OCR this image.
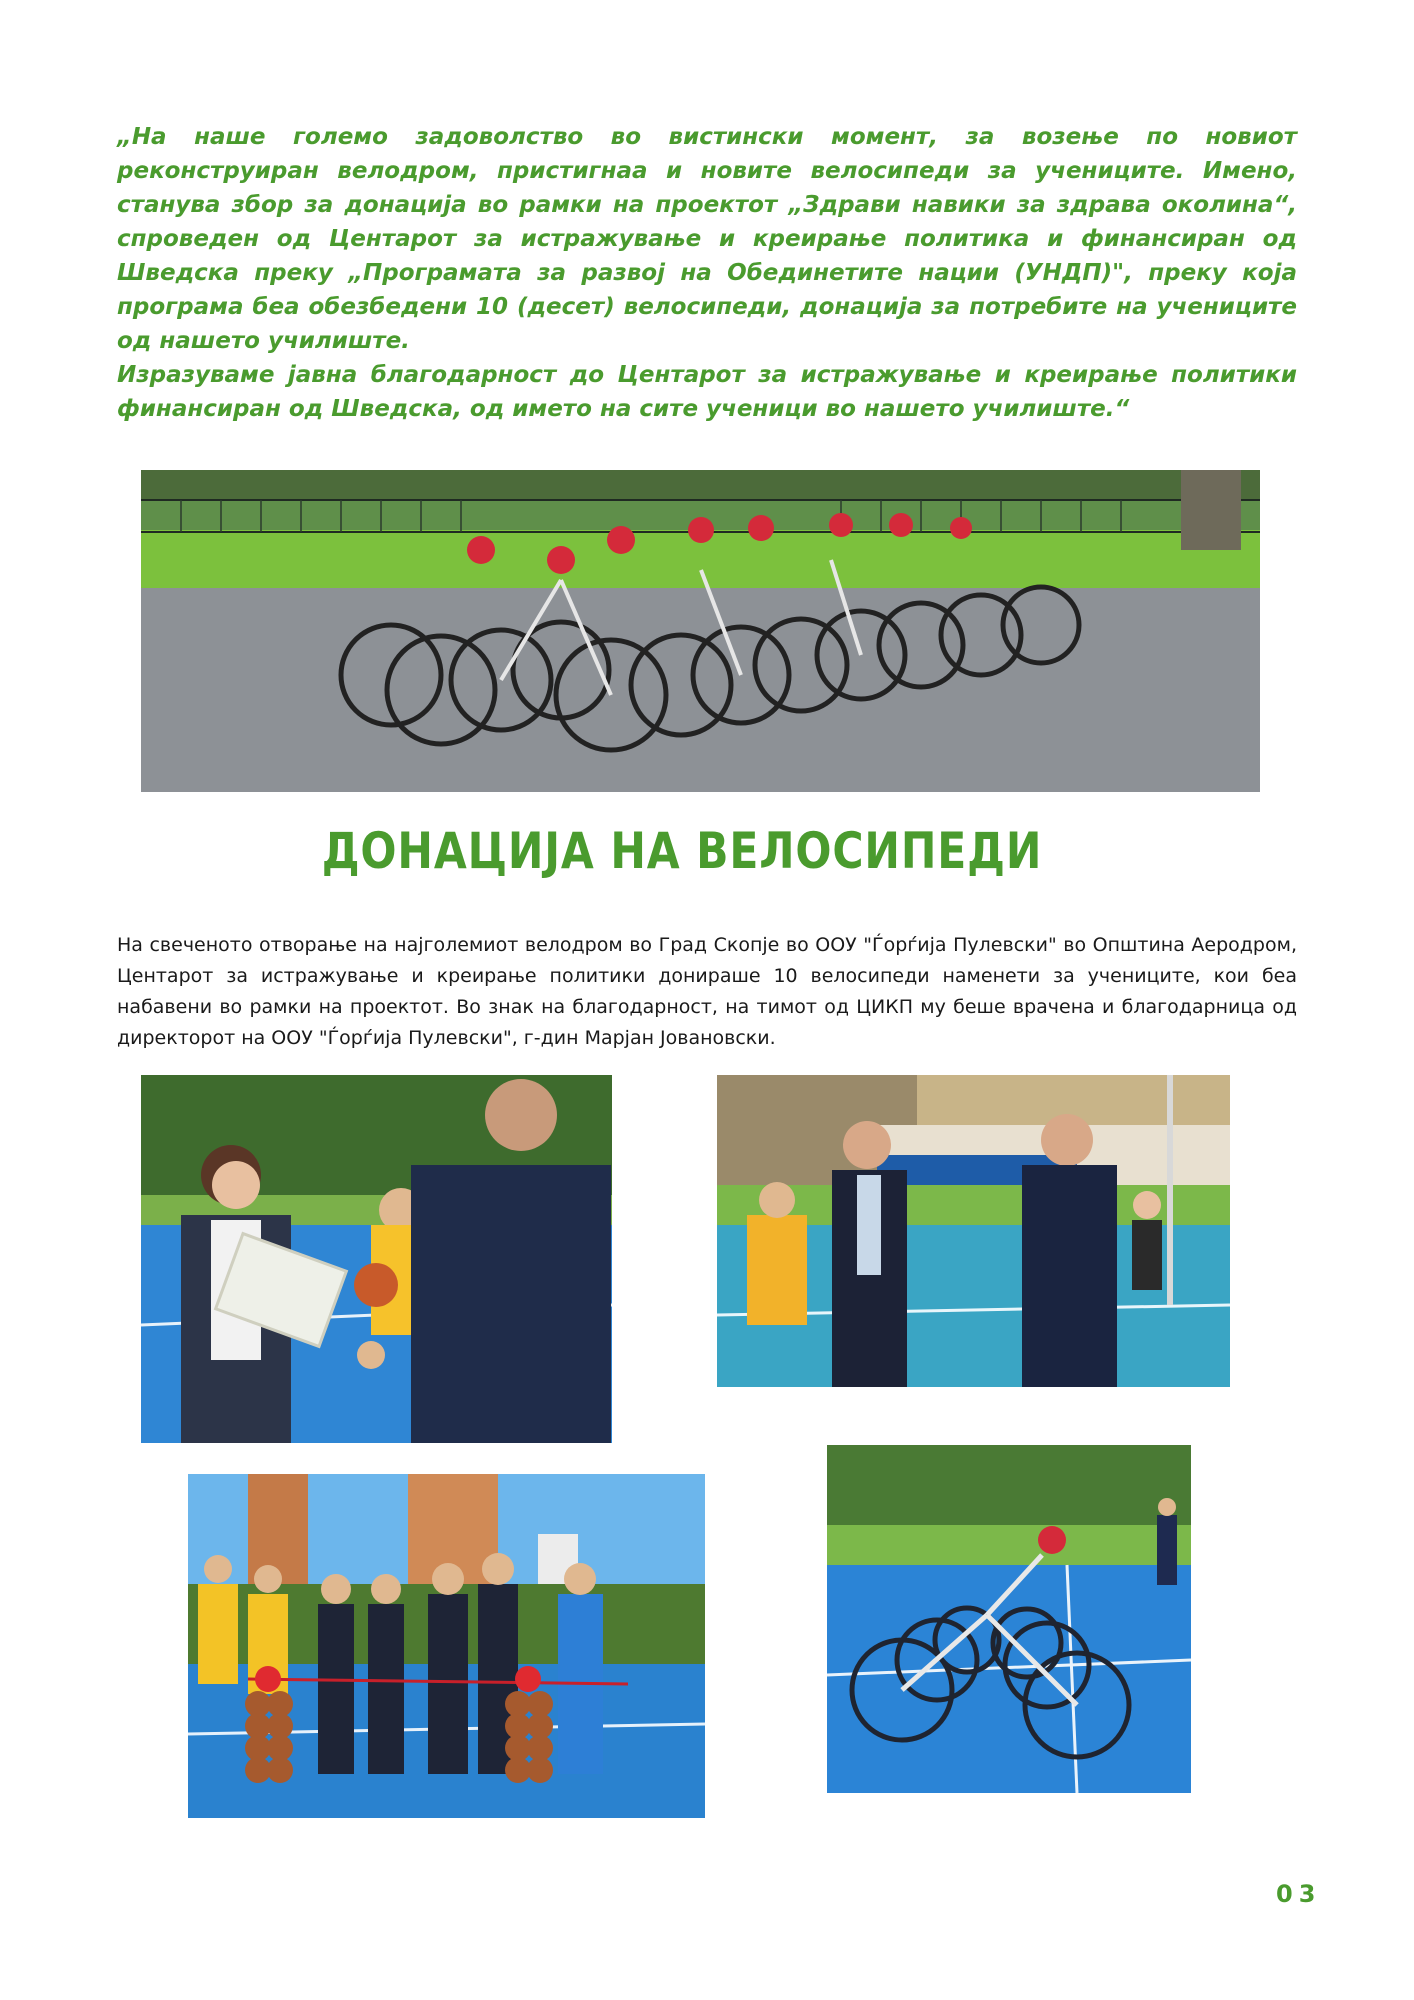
„На наше големо задоволство во вистински момент, за возење по новиот реконструиран велодром, пристигнаа и новите велосипеди за учениците. Имено, станува збор за донација во рамки на проектот „Здрави навики за здрава околина“, спроведен од Центарот за истражување и креирање политика и финансиран од Шведска преку „Програмата за развој на Обединетите нации (УНДП)", преку која програма беа обезбедени 10 (десет) велосипеди, донација за потребите на учениците од нашето училиште.

Изразуваме јавна благодарност до Центарот за истражување и креирање политики финансиран од Шведска, од името на сите ученици во нашето училиште.“

ДОНАЦИЈА НА ВЕЛОСИПЕДИ

На свеченото отворање на најголемиот велодром во Град Скопје во ООУ "Ѓорѓија Пулевски" во Општина Аеродром, Центарот за истражување и креирање политики донираше 10 велосипеди наменети за учениците, кои беа набавени во рамки на проектот. Во знак на благодарност, на тимот од ЦИКП му беше врачена и благодарница од директорот на ООУ "Ѓорѓија Пулевски", г-дин Марјан Јовановски.

03
